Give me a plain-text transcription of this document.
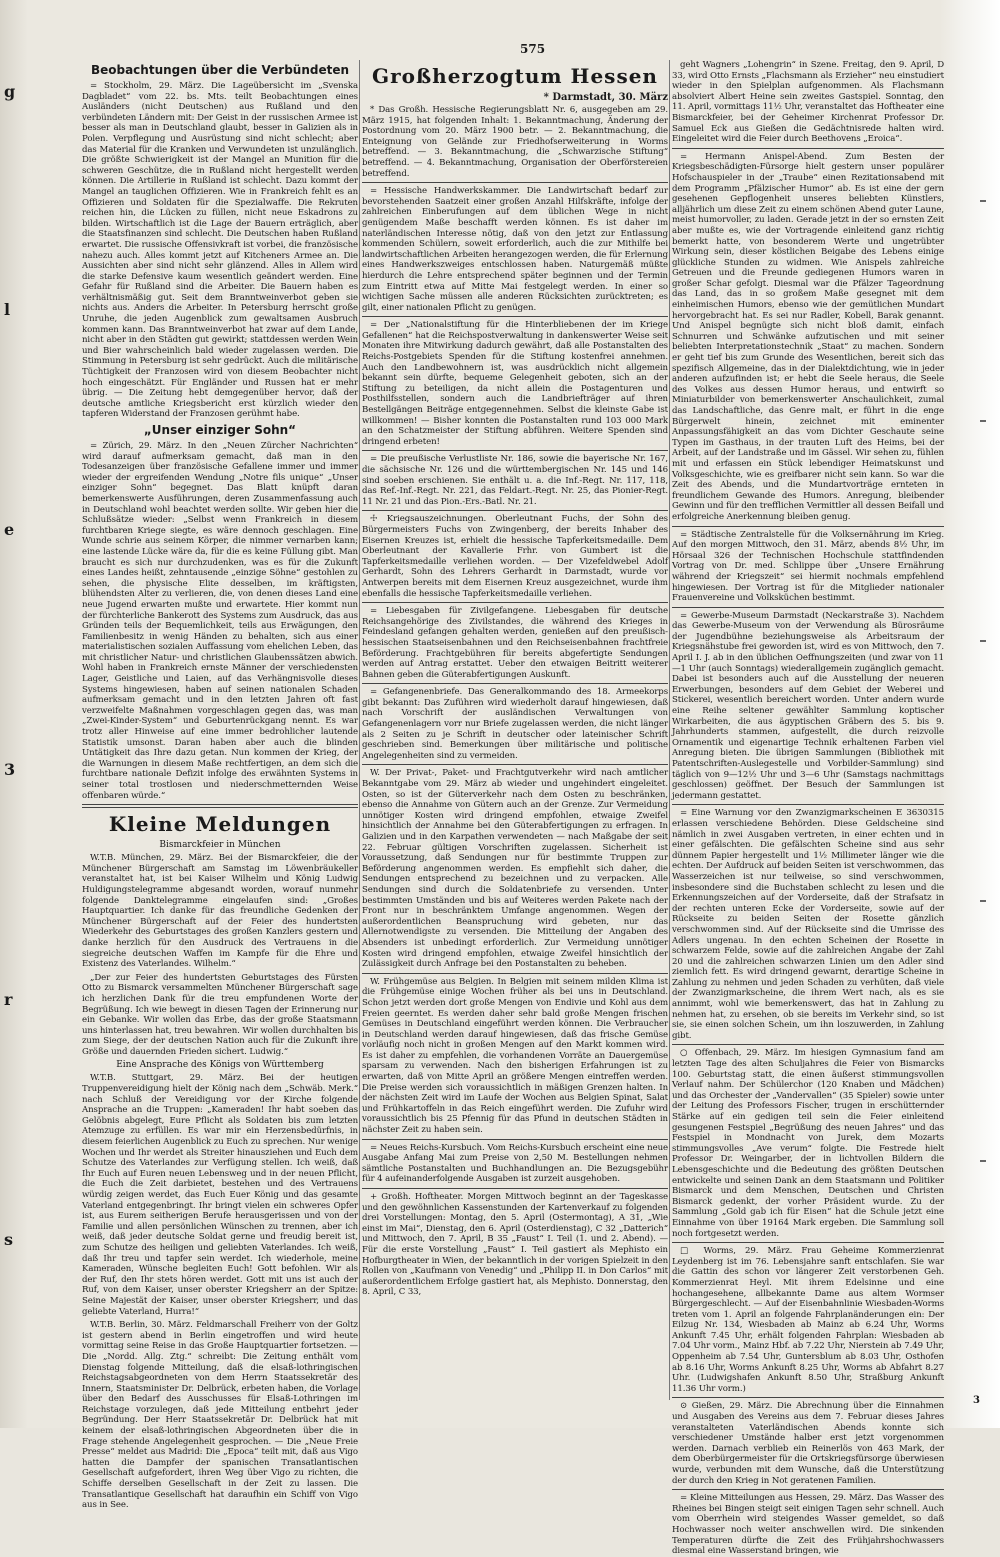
g
l
e
3
r
s
575
Beobachtungen über die Verbündeten

= Stockholm, 29. März. Die Lageübersicht im „Svenska Dagbladet“ vom 22. bs. Mts. teilt Beobachtungen eines Ausländers (nicht Deutschen) aus Rußland und den verbündeten Ländern mit: Der Geist in der russischen Armee ist besser als man in Deutschland glaubt, besser in Galizien als in Polen. Verpflegung und Ausrüstung sind nicht schlecht; aber das Material für die Kranken und Verwundeten ist unzulänglich. Die größte Schwierigkeit ist der Mangel an Munition für die schweren Geschütze, die in Rußland nicht hergestellt werden können. Die Artillerie in Rußland ist schlecht. Dazu kommt der Mangel an tauglichen Offizieren. Wie in Frankreich fehlt es an Offizieren und Soldaten für die Spezialwaffe. Die Rekruten reichen hin, die Lücken zu füllen, nicht neue Eskadrons zu bilden. Wirtschaftlich ist die Lage der Bauern erträglich, aber die Staatsfinanzen sind schlecht. Die Deutschen haben Rußland erwartet. Die russische Offensivkraft ist vorbei, die französische nahezu auch. Alles kommt jetzt auf Kitcheners Armee an. Die Aussichten aber sind nicht sehr glänzend. Alles in Allem wird die starke Defensive kaum wesentlich geändert werden. Eine Gefahr für Rußland sind die Arbeiter. Die Bauern haben es verhältnismäßig gut. Seit dem Branntweinverbot geben sie nichts aus. Anders die Arbeiter. In Petersburg herrscht große Unruhe, die jeden Augenblick zum gewaltsamen Ausbruch kommen kann. Das Branntweinverbot hat zwar auf dem Lande, nicht aber in den Städten gut gewirkt; stattdessen werden Wein und Bier wahrscheinlich bald wieder zugelassen werden. Die Stimmung in Petersburg ist sehr gedrückt. Auch die militärische Tüchtigkeit der Franzosen wird von diesem Beobachter nicht hoch eingeschätzt. Für Engländer und Russen hat er mehr übrig. — Die Zeitung hebt demgegenüber hervor, daß der deutsche amtliche Kriegsbericht erst kürzlich wieder den tapferen Widerstand der Franzosen gerühmt habe.

„Unser einziger Sohn“

= Zürich, 29. März. In den „Neuen Zürcher Nachrichten“ wird darauf aufmerksam gemacht, daß man in den Todesanzeigen über französische Gefallene immer und immer wieder der ergreifenden Wendung „Notre fils unique“ „Unser einziger Sohn“ begegnet. Das Blatt knüpft daran bemerkenswerte Ausführungen, deren Zusammenfassung auch in Deutschland wohl beachtet werden sollte. Wir geben hier die Schlußsätze wieder: „Selbst wenn Frankreich in diesem furchtbaren Kriege siegte, es wäre dennoch geschlagen. Eine Wunde schrie aus seinem Körper, die nimmer vernarben kann; eine lastende Lücke wäre da, für die es keine Füllung gibt. Man braucht es sich nur durchzudenken, was es für die Zukunft eines Landes heißt, zehntausende „einzige Söhne“ gestohlen zu sehen, die physische Elite desselben, im kräftigsten, blühendsten Alter zu verlieren, die, von denen dieses Land eine neue Jugend erwarten mußte und erwartete. Hier kommt nun der fürchterliche Bankerott des Systems zum Ausdruck, das aus Gründen teils der Bequemlichkeit, teils aus Erwägungen, den Familienbesitz in wenig Händen zu behalten, sich aus einer materialistischen sozialen Auffassung vom ehelichen Leben, das mit christlicher Natur- und christlichen Glaubenssätzen abwich. Wohl haben in Frankreich ernste Männer der verschiedensten Lager, Geistliche und Laien, auf das Verhängnisvolle dieses Systems hingewiesen, haben auf seinen nationalen Schaden aufmerksam gemacht und in den letzten Jahren oft fast verzweifelte Maßnahmen vorgeschlagen gegen das, was man „Zwei-Kinder-System“ und Geburtenrückgang nennt. Es war trotz aller Hinweise auf eine immer bedrohlicher lautende Statistik umsonst. Daran haben aber auch die blinden Untätigkeit das Ihre dazu getan. Nun kommen der Krieg, der die Warnungen in diesem Maße rechtfertigen, an dem sich die furchtbare nationale Defizit infolge des erwähnten Systems in seiner total trostlosen und niederschmetternden Weise offenbaren würde.“

Kleine Meldungen
Bismarckfeier in München

W.T.B. München, 29. März. Bei der Bismarckfeier, die der Münchener Bürgerschaft am Samstag im Löwenbräukeller veranstaltet hat, ist bei Kaiser Wilhelm und König Ludwig Huldigungstelegramme abgesandt worden, worauf nunmehr folgende Danktelegramme eingelaufen sind: „Großes Hauptquartier. Ich danke für das freundliche Gedenken der Münchener Bürgerschaft auf der Feier des hundertsten Wiederkehr des Geburtstages des großen Kanzlers gestern und danke herzlich für den Ausdruck des Vertrauens in die siegreiche deutschen Waffen im Kampfe für die Ehre und Existenz des Vaterlandes. Wilhelm.“

„Der zur Feier des hundertsten Geburtstages des Fürsten Otto zu Bismarck versammelten Münchener Bürgerschaft sage ich herzlichen Dank für die treu empfundenen Worte der Begrüßung. Ich wie bewegt in diesen Tagen der Erinnerung nur ein Gebanke. Wir wollen das Erbe, das der große Staatsmann uns hinterlassen hat, treu bewahren. Wir wollen durchhalten bis zum Siege, der der deutschen Nation auch für die Zukunft ihre Größe und dauernden Frieden sichert. Ludwig.“

Eine Ansprache des Königs von Württemberg

W.T.B. Stuttgart, 29. März. Bei der heutigen Truppenvereidigung hielt der König nach dem „Schwäb. Merk.“ nach Schluß der Vereidigung vor der Kirche folgende Ansprache an die Truppen: „Kameraden! Ihr habt soeben das Gelöbnis abgelegt, Eure Pflicht als Soldaten bis zum letzten Atemzuge zu erfüllen. Es war mir ein Herzensbedürfnis, in diesem feierlichen Augenblick zu Euch zu sprechen. Nur wenige Wochen und Ihr werdet als Streiter hinausziehen und Euch dem Schutze des Vaterlandes zur Verfügung stellen. Ich weiß, daß Ihr Euch auf Euren neuen Lebensweg und in der neuen Pflicht, die Euch die Zeit darbietet, bestehen und des Vertrauens würdig zeigen werdet, das Euch Euer König und das gesamte Vaterland entgegenbringt. Ihr bringt vielen ein schweres Opfer ist, aus Eurem seitherigen Berufe herausgerissen und von der Familie und allen persönlichen Wünschen zu trennen, aber ich weiß, daß jeder deutsche Soldat gerne und freudig bereit ist, zum Schutze des heiligen und geliebten Vaterlandes. Ich weiß, daß Ihr treu und tapfer sein werdet. Ich wiederhole, meine Kameraden, Wünsche begleiten Euch! Gott befohlen. Wir als der Ruf, den Ihr stets hören werdet. Gott mit uns ist auch der Ruf, von dem Kaiser, unser oberster Kriegsherr an der Spitze: Seine Majestät der Kaiser, unser oberster Kriegsherr, und das geliebte Vaterland, Hurra!“

W.T.B. Berlin, 30. März. Feldmarschall Freiherr von der Goltz ist gestern abend in Berlin eingetroffen und wird heute vormittag seine Reise in das Große Hauptquartier fortsetzen. — Die „Nordd. Allg. Ztg.“ schreibt: Die Zeitung enthält vom Dienstag folgende Mitteilung, daß die elsaß-lothringischen Reichstagsabgeordneten von dem Herrn Staatssekretär des Innern, Staatsminister Dr. Delbrück, erbeten haben, die Vorlage über den Bedarf des Ausschusses für Elsaß-Lothringen im Reichstage vorzulegen, daß jede Mitteilung entbehrt jeder Begründung. Der Herr Staatssekretär Dr. Delbrück hat mit keinem der elsaß-lothringischen Abgeordneten über die in Frage stehende Angelegenheit gesprochen. — Die „Neue Freie Presse“ meldet aus Madrid: Die „Epoca“ teilt mit, daß aus Vigo hatten die Dampfer der spanischen Transatlantischen Gesellschaft aufgefordert, ihren Weg über Vigo zu richten, die Schiffe derselben Gesellschaft in der Zeit zu lassen. Die Transatlantique Gesellschaft hat daraufhin ein Schiff von Vigo aus in See.

Großherzogtum Hessen
* Darmstadt, 30. März

* Das Großh. Hessische Regierungsblatt Nr. 6, ausgegeben am 29. März 1915, hat folgenden Inhalt: 1. Bekanntmachung, Änderung der Postordnung vom 20. März 1900 betr. — 2. Bekanntmachung, die Enteignung von Gelände zur Friedhofserweiterung in Worms betreffend. — 3. Bekanntmachung, die „Schwarzische Stiftung“ betreffend. — 4. Bekanntmachung, Organisation der Oberförstereien betreffend.

= Hessische Handwerkskammer. Die Landwirtschaft bedarf zur bevorstehenden Saatzeit einer großen Anzahl Hilfskräfte, infolge der zahlreichen Einberufungen auf dem üblichen Wege in nicht genügendem Maße beschafft werden können. Es ist daher im naterländischen Interesse nötig, daß von den jetzt zur Entlassung kommenden Schülern, soweit erforderlich, auch die zur Mithilfe bei landwirtschaftlichen Arbeiten herangezogen werden, die für Erlernung eines Handwerkszweiges entschlossen haben. Naturgemäß müßte hierdurch die Lehre entsprechend später beginnen und der Termin zum Eintritt etwa auf Mitte Mai festgelegt werden. In einer so wichtigen Sache müssen alle anderen Rücksichten zurücktreten; es gilt, einer nationalen Pflicht zu genügen.

= Der „Nationalstiftung für die Hinterbliebenen der im Kriege Gefallenen“ hat die Reichspostverwaltung in dankenswerter Weise seit Monaten ihre Mitwirkung dadurch gewährt, daß alle Postanstalten des Reichs-Postgebiets Spenden für die Stiftung kostenfrei annehmen. Auch den Landbewohnern ist, was ausdrücklich nicht allgemein bekannt sein dürfte, bequeme Gelegenheit geboten, sich an der Stiftung zu beteiligen, da nicht allein die Postagenturen und Posthilfsstellen, sondern auch die Landbriefträger auf ihren Bestellgängen Beiträge entgegennehmen. Selbst die kleinste Gabe ist willkommen! — Bisher konnten die Postanstalten rund 103 000 Mark an den Schatzmeister der Stiftung abführen. Weitere Spenden sind dringend erbeten!

= Die preußische Verlustliste Nr. 186, sowie die bayerische Nr. 167, die sächsische Nr. 126 und die württembergischen Nr. 145 und 146 sind soeben erschienen. Sie enthält u. a. die Inf.-Regt. Nr. 117, 118, das Ref.-Inf.-Regt. Nr. 221, das Feldart.-Regt. Nr. 25, das Pionier-Regt. 11 Nr. 21 und das Pion.-Ers.-Batl. Nr. 21.

☩ Kriegsauszeichnungen. Oberleutnant Fuchs, der Sohn des Bürgermeisters Fuchs von Zwingenberg, der bereits Inhaber des Eisernen Kreuzes ist, erhielt die hessische Tapferkeitsmedaille. Dem Oberleutnant der Kavallerie Frhr. von Gumbert ist die Tapferkeitsmedaille verliehen worden. — Der Vizefeldwebel Adolf Gerhardt, Sohn des Lehrers Gerhardt in Darmstadt, wurde vor Antwerpen bereits mit dem Eisernen Kreuz ausgezeichnet, wurde ihm ebenfalls die hessische Tapferkeitsmedaille verliehen.

= Liebesgaben für Zivilgefangene. Liebesgaben für deutsche Reichsangehörige des Zivilstandes, die während des Krieges in Feindesland gefangen gehalten werden, genießen auf den preußisch-hessischen Staatseisenbahnen und den Reichseisenbahnen frachtfreie Beförderung. Frachtgebühren für bereits abgefertigte Sendungen werden auf Antrag erstattet. Ueber den etwaigen Beitritt weiterer Bahnen geben die Güterabfertigungen Auskunft.

= Gefangenenbriefe. Das Generalkommando des 18. Armeekorps gibt bekannt: Das Zuführen wird wiederholt darauf hingewiesen, daß nach Vorschrift der ausländischen Verwaltungen von Gefangenenlagern vorr nur Briefe zugelassen werden, die nicht länger als 2 Seiten zu je Schrift in deutscher oder lateinischer Schrift geschrieben sind. Bemerkungen über militärische und politische Angelegenheiten sind zu vermeiden.

W. Der Privat-, Paket- und Frachtgutverkehr wird nach amtlicher Bekanntgabe vom 29. März ab wieder und ungehindert eingeleitet. Osten, so ist der Güterverkehr nach dem Osten zu beschränken, ebenso die Annahme von Gütern auch an der Grenze. Zur Vermeidung unnötiger Kosten wird dringend empfohlen, etwaige Zweifel hinsichtlich der Annahme bei den Güterabfertigungen zu erfragen. In Galizien und in den Karpathen verwendeten — nach Maßgabe der seit 22. Februar gültigen Vorschriften zugelassen. Sicherheit ist Voraussetzung, daß Sendungen nur für bestimmte Truppen zur Beförderung angenommen werden. Es empfiehlt sich daher, die Sendungen entsprechend zu bezeichnen und zu verpacken. Alle Sendungen sind durch die Soldatenbriefe zu versenden. Unter bestimmten Umständen und bis auf Weiteres werden Pakete nach der Front nur in beschränktem Umfange angenommen. Wegen der außerordentlichen Beanspruchung wird gebeten, nur das Allernotwendigste zu versenden. Die Mitteilung der Angaben des Absenders ist unbedingt erforderlich. Zur Vermeidung unnötiger Kosten wird dringend empfohlen, etwaige Zweifel hinsichtlich der Zulässigkeit durch Anfrage bei den Postanstalten zu beheben.

W. Frühgemüse aus Belgien. In Belgien mit seinem milden Klima ist die Frühgemüse einige Wochen früher als bei uns in Deutschland. Schon jetzt werden dort große Mengen von Endivie und Kohl aus dem Freien geerntet. Es werden daher sehr bald große Mengen frischen Gemüses in Deutschland eingeführt werden können. Die Verbraucher in Deutschland werden darauf hingewiesen, daß das frische Gemüse vorläufig noch nicht in großen Mengen auf den Markt kommen wird. Es ist daher zu empfehlen, die vorhandenen Vorräte an Dauergemüse sparsam zu verwenden. Nach den bisherigen Erfahrungen ist zu erwarten, daß von Mitte April an größere Mengen eintreffen werden. Die Preise werden sich voraussichtlich in mäßigen Grenzen halten. In der nächsten Zeit wird im Laufe der Wochen aus Belgien Spinat, Salat und Frühkartoffeln in das Reich eingeführt werden. Die Zufuhr wird voraussichtlich bis 25 Pfennig für das Pfund in deutschen Städten in nächster Zeit zu haben sein.

= Neues Reichs-Kursbuch. Vom Reichs-Kursbuch erscheint eine neue Ausgabe Anfang Mai zum Preise von 2,50 M. Bestellungen nehmen sämtliche Postanstalten und Buchhandlungen an. Die Bezugsgebühr für 4 aufeinanderfolgende Ausgaben ist zurzeit ausgehoben.

+ Großh. Hoftheater. Morgen Mittwoch beginnt an der Tageskasse und den gewöhnlichen Kassenstunden der Kartenverkauf zu folgenden drei Vorstellungen: Montag, den 5. April (Ostermontag), A 31, „Wie einst im Mai“, Dienstag, den 6. April (Osterdienstag), C 32 „Datterich“ und Mittwoch, den 7. April, B 35 „Faust“ I. Teil (1. und 2. Abend). — Für die erste Vorstellung „Faust“ I. Teil gastiert als Mephisto ein Hofburgtheater in Wien, der bekanntlich in der vorigen Spielzeit in den Rollen von „Kaufmann von Venedig“ und „Philipp II. in Don Carlos“ mit außerordentlichem Erfolge gastiert hat, als Mephisto. Donnerstag, den 8. April, C 33,

geht Wagners „Lohengrin“ in Szene. Freitag, den 9. April, D 33, wird Otto Ernsts „Flachsmann als Erzieher“ neu einstudiert wieder in den Spielplan aufgenommen. Als Flachsmann absolviert Albert Heine sein zweites Gastspiel. Sonntag, den 11. April, vormittags 11½ Uhr, veranstaltet das Hoftheater eine Bismarckfeier, bei der Geheimer Kirchenrat Professor Dr. Samuel Eck aus Gießen die Gedächtnisrede halten wird. Eingeleitet wird die Feier durch Beethovens „Eroica“.

= Hermann Anispel-Abend. Zum Besten der Kriegsbeschädigten-Fürsorge hielt gestern unser populärer Hofschauspieler in der „Traube“ einen Rezitationsabend mit dem Programm „Pfälzischer Humor“ ab. Es ist eine der gern gesehenen Gepflogenheit unseres beliebten Künstlers, alljährlich um diese Zeit zu einem schönen Abend guter Laune, meist humorvoller, zu laden. Gerade jetzt in der so ernsten Zeit aber mußte es, wie der Vortragende einleitend ganz richtig bemerkt hatte, von besonderem Werte und ungetrübter Wirkung sein, dieser köstlichen Beigabe des Lebens einige glückliche Stunden zu widmen. Wie Anispels zahlreiche Getreuen und die Freunde gediegenen Humors waren in großer Schar gefolgt. Diesmal war die Pfälzer Tageordnung das Land, das in so großem Maße gesegnet mit dem einheimischen Humors, ebenso wie der gemütlichen Mundart hervorgebracht hat. Es sei nur Radler, Kobell, Barak genannt. Und Anispel begnügte sich nicht bloß damit, einfach Schnurren und Schwänke aufzutischen und mit seiner beliebten Interpretationstechnik „Staat“ zu machen. Sondern er geht tief bis zum Grunde des Wesentlichen, bereit sich das spezifisch Allgemeine, das in der Dialektdichtung, wie in jeder anderen aufzufinden ist; er hebt die Seele heraus, die Seele des Volkes aus dessen Humor heraus, und entwirft so Miniaturbilder von bemerkenswerter Anschaulichkeit, zumal das Landschaftliche, das Genre malt, er führt in die enge Bürgerwelt hinein, zeichnet mit eminenter Anpassungsfähigkeit an das vom Dichter Geschaute seine Typen im Gasthaus, in der trauten Luft des Heims, bei der Arbeit, auf der Landstraße und im Gässel. Wir sehen zu, fühlen mit und erfassen ein Stück lebendiger Heimatskunst und Volksgeschichte, wie es greifbarer nicht sein kann. So war die Zeit des Abends, und die Mundartvorträge ernteten in freundlichem Gewande des Humors. Anregung, bleibender Gewinn und für den trefflichen Vermittler all dessen Beifall und erfolgreiche Anerkennung bleiben genug.

= Städtische Zentralstelle für die Volksernährung im Krieg. Auf den morgen Mittwoch, den 31. März, abends 8½ Uhr, im Hörsaal 326 der Technischen Hochschule stattfindenden Vortrag von Dr. med. Schlippe über „Unsere Ernährung während der Kriegszeit“ sei hiermit nochmals empfehlend hingewiesen. Der Vortrag ist für die Mitglieder nationaler Frauenvereine und Volksküchen bestimmt.

= Gewerbe-Museum Darmstadt (Neckarstraße 3). Nachdem das Gewerbe-Museum von der Verwendung als Bürosräume der Jugendbühne beziehungsweise als Arbeitsraum der Kriegsnähstube frei geworden ist, wird es von Mittwoch, den 7. April I. J. ab in den üblichen Oeffnungszeiten (und zwar von 11—1 Uhr (auch Sonntags) wiederallgemein zugänglich gemacht. Dabei ist besonders auch auf die Ausstellung der neueren Erwerbungen, besonders auf dem Gebiet der Weberei und Stickerei, wesentlich bereichert worden. Unter andern wurde eine Reihe seltener gewählter Sammlung koptischer Wirkarbeiten, die aus ägyptischen Gräbern des 5. bis 9. Jahrhunderts stammen, aufgestellt, die durch reizvolle Ornamentik und eigenartige Technik erhaltenen Farben viel Anregung bieten. Die übrigen Sammlungen (Bibliothek mit Patentschriften-Auslegestelle und Vorbilder-Sammlung) sind täglich von 9—12½ Uhr und 3—6 Uhr (Samstags nachmittags geschlossen) geöffnet. Der Besuch der Sammlungen ist jedermann gestattet.

= Eine Warnung vor den Zwanzigmarkscheinen E 3630315 erlassen verschiedene Behörden. Diese Geldscheine sind nämlich in zwei Ausgaben vertreten, in einer echten und in einer gefälschten. Die gefälschten Scheine sind aus sehr dünnem Papier hergestellt und 1½ Millimeter länger wie die echten. Der Aufdruck auf beiden Seiten ist verschwommen, das Wasserzeichen ist nur teilweise, so sind verschwommen, insbesondere sind die Buchstaben schlecht zu lesen und die Erkennungszeichen auf der Vorderseite, daß der Strafsatz in der rechten unteren Ecke der Vorderseite, sowie auf der Rückseite zu beiden Seiten der Rosette gänzlich verschwommen sind. Auf der Rückseite sind die Umrisse des Adlers ungenau. In den echten Scheinen der Rosette in schwarzem Felde, sowie auf die zahlreichen Angabe der Zahl 20 und die zahlreichen schwarzen Linien um den Adler sind ziemlich fett. Es wird dringend gewarnt, derartige Scheine in Zahlung zu nehmen und jeden Schaden zu verhüten, daß viele der Zwanzigmarkscheine, die ihrem Wert nach, als es sie annimmt, wohl wie bemerkenswert, das hat in Zahlung zu nehmen hat, zu ersehen, ob sie bereits im Verkehr sind, so ist sie, sie einen solchen Schein, um ihn loszuwerden, in Zahlung gibt.

○ Offenbach, 29. März. Im hiesigen Gymnasium fand am letzten Tage des alten Schuljahres die Feier von Bismarcks 100. Geburtstag statt, die einen äußerst stimmungsvollen Verlauf nahm. Der Schülerchor (120 Knaben und Mädchen) und das Orchester der „Vandervallen“ (35 Spieler) sowie unter der Leitung des Professors Fischer, trugen in erschütternder Stärke auf ein gedigen teil sein die Feier einleitend gesungenen Festspiel „Begrüßung des neuen Jahres“ und das Festspiel in Mondnacht von Jurek, dem Mozarts stimmungsvolles „Ave verum“ folgte. Die Festrede hielt Professor Dr. Weingarber, der in lichtvollen Bildern die Lebensgeschichte und die Bedeutung des größten Deutschen entwickelte und seinen Dank an dem Staatsmann und Politiker Bismarck und dem Menschen, Deutschen und Christen Bismarck gedenkt, der vorher Präsident wurde. Zu der Sammlung „Gold gab ich für Eisen“ hat die Schule jetzt eine Einnahme von über 19164 Mark ergeben. Die Sammlung soll noch fortgesetzt werden.

□ Worms, 29. März. Frau Geheime Kommerzienrat Leydenberg ist im 76. Lebensjahre sanft entschlafen. Sie war die Gattin des schon vor längerer Zeit verstorbenen Geh. Kommerzienrat Heyl. Mit ihrem Edelsinne und eine hochangesehene, allbekannte Dame aus altem Wormser Bürgergeschlecht. — Auf der Eisenbahnlinie Wiesbaden-Worms treten vom 1. April an folgende Fahrplanänderungen ein: Der Eilzug Nr. 134, Wiesbaden ab Mainz ab 6.24 Uhr, Worms Ankunft 7.45 Uhr, erhält folgenden Fahrplan: Wiesbaden ab 7.04 Uhr vorm., Mainz Hbf. ab 7.22 Uhr, Nierstein ab 7.49 Uhr, Oppenheim ab 7.54 Uhr, Guntersblum ab 8.03 Uhr, Osthofen ab 8.16 Uhr, Worms Ankunft 8.25 Uhr, Worms ab Abfahrt 8.27 Uhr. (Ludwigshafen Ankunft 8.50 Uhr, Straßburg Ankunft 11.36 Uhr vorm.)

⊙ Gießen, 29. März. Die Abrechnung über die Einnahmen und Ausgaben des Vereins aus dem 7. Februar dieses Jahres veranstalteten Vaterländischen Abends konnte sich verschiedener Umstände halber erst jetzt vorgenommen werden. Darnach verblieb ein Reinerlös von 463 Mark, der dem Oberbürgermeister für die Ortskriegsfürsorge überwiesen wurde, verbunden mit dem Wunsche, daß die Unterstützung der durch den Krieg in Not geratenen Familien.

= Kleine Mitteilungen aus Hessen, 29. März. Das Wasser des Rheines bei Bingen steigt seit einigen Tagen sehr schnell. Auch vom Oberrhein wird steigendes Wasser gemeldet, so daß Hochwasser noch weiter anschwellen wird. Die sinkenden Temperaturen dürfte die Zeit des Frühjahrshochwassers diesmal eine Wasserstand bringen, wie

3
